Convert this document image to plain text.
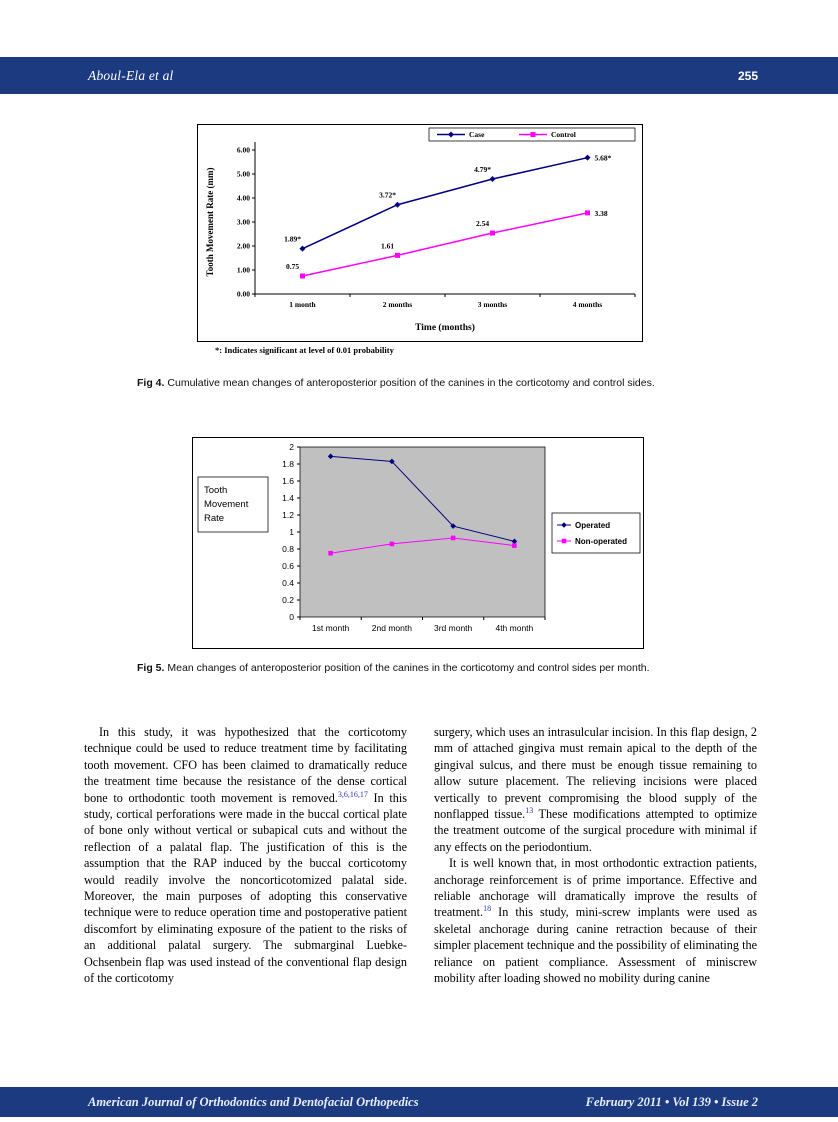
Aboul-Ela et al	255
0.00
1.00
2.00
3.00
4.00
5.00
6.00
1 month	2 months	3 months	4 months
1.89*
3.72*
4.79*
5.68*
0.75
1.61
2.54
3.38
Case	Control
Tooth Movement Rate (mm)
Time (months)
*: Indicates significant at level of 0.01 probability
Fig 4. Cumulative mean changes of anteroposterior position of the canines in the corticotomy and control sides.
0
0.2
0.4
0.6
0.8
1
1.2
1.4
1.6
1.8
2
1st month	2nd month	3rd month	4th month
Operated
Non-operated
Tooth
Movement
Rate
Fig 5. Mean changes of anteroposterior position of the canines in the corticotomy and control sides per month.

In this study, it was hypothesized that the corticotomy technique could be used to reduce treatment time by facilitating tooth movement. CFO has been claimed to dramatically reduce the treatment time because the resistance of the dense cortical bone to orthodontic tooth movement is removed.$^{3,6,16,17}$ In this study, cortical perforations were made in the buccal cortical plate of bone only without vertical or subapical cuts and without the reflection of a palatal flap. The justification of this is the assumption that the RAP induced by the buccal corticotomy would readily involve the noncorticotomized palatal side. Moreover, the main purposes of adopting this conservative technique were to reduce operation time and postoperative patient discomfort by eliminating exposure of the patient to the risks of an additional palatal surgery. The submarginal Luebke-Ochsenbein flap was used instead of the conventional flap design of the corticotomy

surgery, which uses an intrasulcular incision. In this flap design, 2 mm of attached gingiva must remain apical to the depth of the gingival sulcus, and there must be enough tissue remaining to allow suture placement. The relieving incisions were placed vertically to prevent compromising the blood supply of the nonflapped tissue.$^{13}$ These modifications attempted to optimize the treatment outcome of the surgical procedure with minimal if any effects on the periodontium.

It is well known that, in most orthodontic extraction patients, anchorage reinforcement is of prime importance. Effective and reliable anchorage will dramatically improve the results of treatment.$^{18}$ In this study, mini-screw implants were used as skeletal anchorage during canine retraction because of their simpler placement technique and the possibility of eliminating the reliance on patient compliance. Assessment of miniscrew mobility after loading showed no mobility during canine

American Journal of Orthodontics and Dentofacial Orthopedics	February 2011 • Vol 139 • Issue 2
